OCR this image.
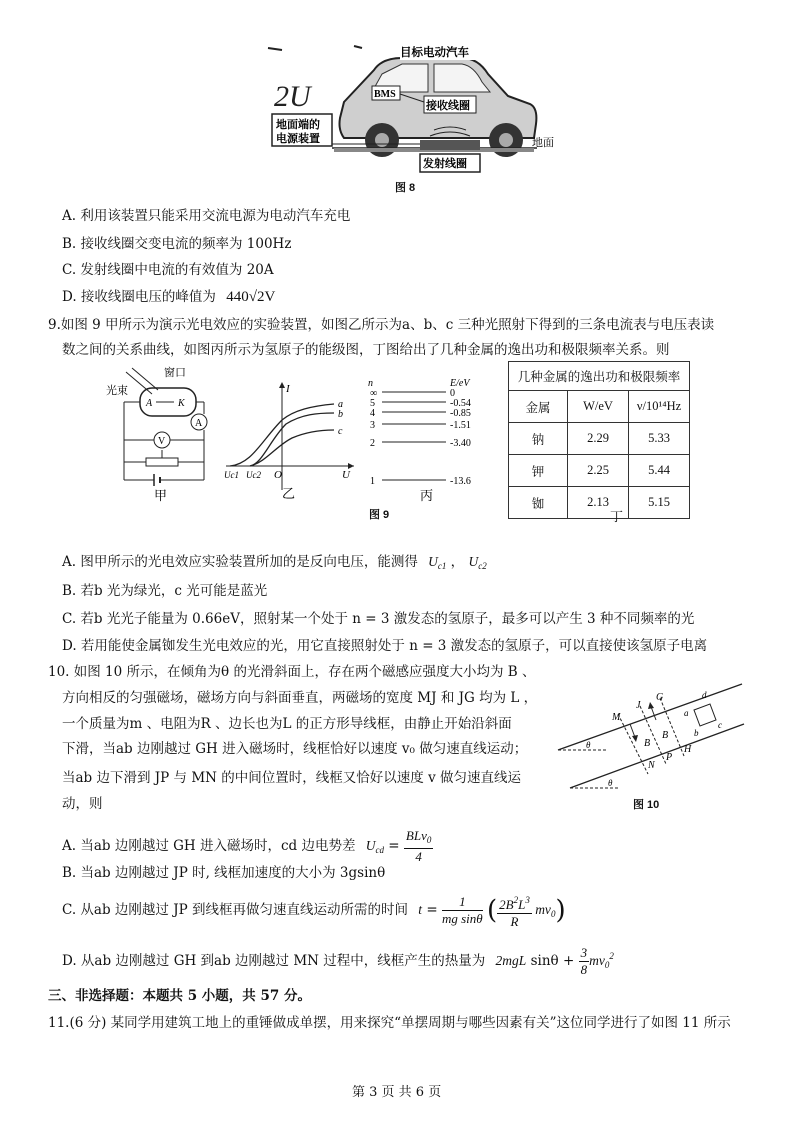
2U	BMS
接收线圈
目标电动汽车
地面端的
电源装置	地面
发射线圈
图 8
A. 利用该装置只能采用交流电源为电动汽车充电
B. 接收线圈交变电流的频率为 100Hz
C. 发射线圈中电流的有效值为 20A
D. 接收线圈电压的峰值为 440√2V
9.如图 9 甲所示为演示光电效应的实验装置，如图乙所示为a、b、c 三种光照射下得到的三条电流表与电压表读
数之间的关系曲线，如图丙所示为氢原子的能级图，丁图给出了几种金属的逸出功和极限频率关系。则
光束
窗口
A	K
A
V
甲
I
U
O
Uc1 Uc2
a
b
c
乙
n	E/eV
∞	0
5	-0.54
4	-0.85
3	-1.51
2	-3.40
1	-13.6
丙
几种金属的逸出功和极限频率		
金属	W/eV	ν/10¹⁴Hz
钠	2.29	5.33
钾	2.25	5.44
铷	2.13	5.15
丁
图 9
A. 图甲所示的光电效应实验装置所加的是反向电压，能测得 $U_{c1}$ ， $U_{c2}$
B. 若b 光为绿光，c 光可能是蓝光
C. 若b 光光子能量为 0.66eV，照射某一个处于 n = 3 激发态的氢原子，最多可以产生 3 种不同频率的光
D. 若用能使金属铷发生光电效应的光，用它直接照射处于 n = 3 激发态的氢原子，可以直接使该氢原子电离
10. 如图 10 所示，在倾角为θ 的光滑斜面上，存在两个磁感应强度大小均为 B 、
方向相反的匀强磁场，磁场方向与斜面垂直，两磁场的宽度 MJ 和 JG 均为 L ，
一个质量为m 、电阻为R 、边长也为L 的正方形导线框，由静止开始沿斜面
下滑，当ab 边刚越过 GH 进入磁场时，线框恰好以速度 v₀ 做匀速直线运动；
当ab 边下滑到 JP 与 MN 的中间位置时，线框又恰好以速度 v 做匀速直线运
动，则
θ
θ
M
J
G
B
B
N
P
H
a
d
b
c
图 10
A. 当ab 边刚越过 GH 进入磁场时，cd 边电势差 $U_{cd} = \frac{BLv_0}{4}$
B. 当ab 边刚越过 JP 时, 线框加速度的大小为 3gsinθ
C. 从ab 边刚越过 JP 到线框再做匀速直线运动所需的时间 $t = \frac{1}{\text{mg sinθ}}$ ( $\frac{2B^2L^3}{R} mv_0$)
D. 从ab 边刚越过 GH 到ab 边刚越过 MN 过程中，线框产生的热量为 2mgL $\sin\theta + \frac{3}{8} mv_0^2$
三、非选择题：本题共 5 小题，共 57 分。
11.(6 分) 某同学用建筑工地上的重锤做成单摆，用来探究“单摆周期与哪些因素有关”这位同学进行了如图 11 所示
第 3 页 共 6 页
